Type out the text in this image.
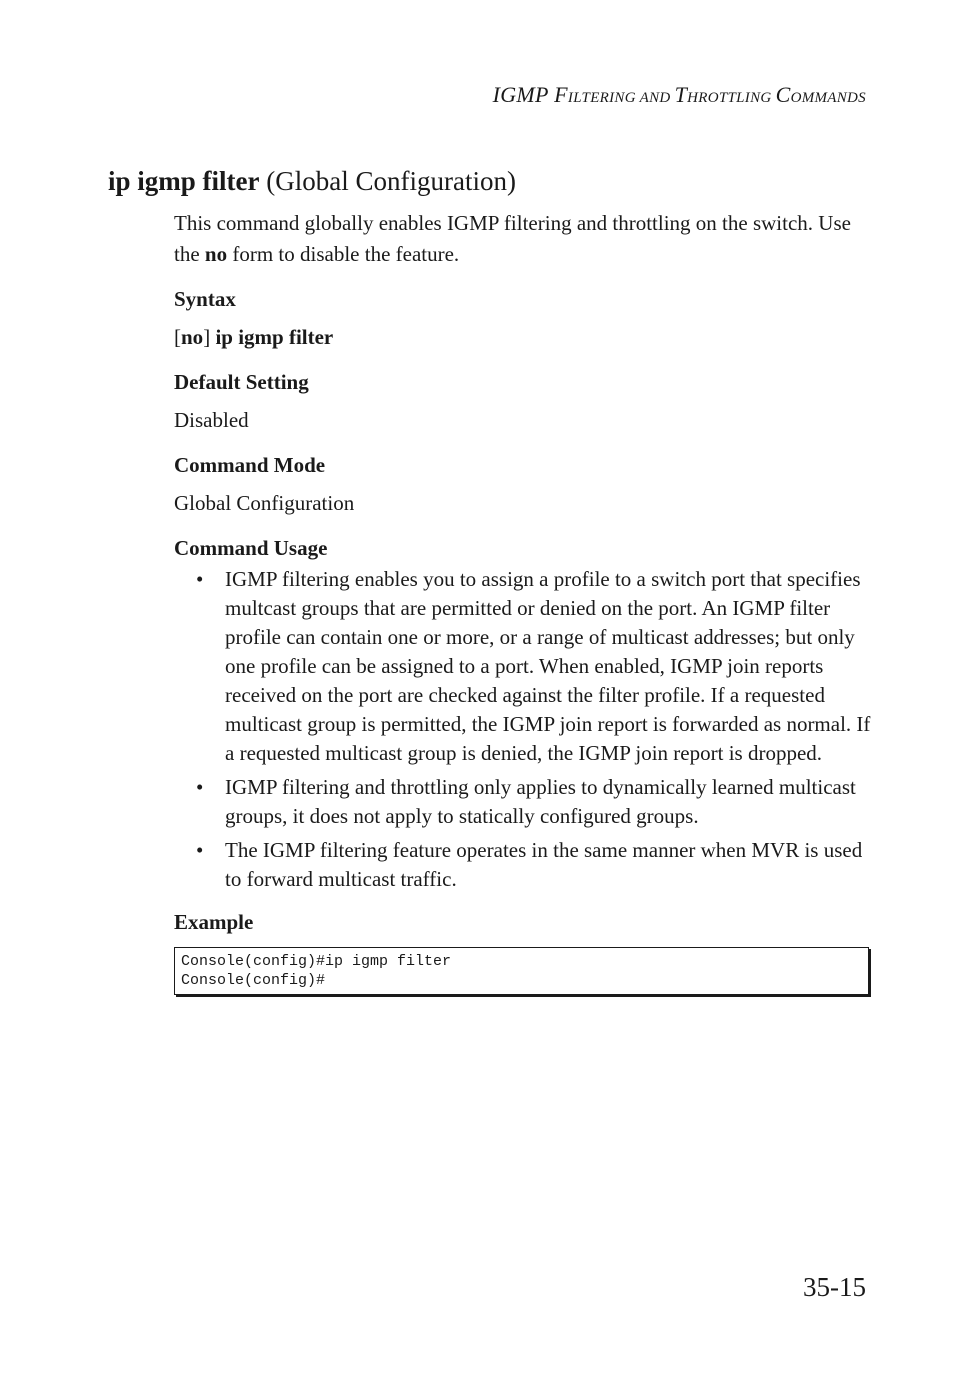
IGMP FILTERING AND THROTTLING COMMANDS
ip igmp filter (Global Configuration)

This command globally enables IGMP filtering and throttling on the switch. Use the no form to disable the feature.

Syntax

[no] ip igmp filter

Default Setting

Disabled

Command Mode

Global Configuration

Command Usage

• IGMP filtering enables you to assign a profile to a switch port that specifies multcast groups that are permitted or denied on the port. An IGMP filter profile can contain one or more, or a range of multicast addresses; but only one profile can be assigned to a port. When enabled, IGMP join reports received on the port are checked against the filter profile. If a requested multicast group is permitted, the IGMP join report is forwarded as normal. If a requested multicast group is denied, the IGMP join report is dropped.
• IGMP filtering and throttling only applies to dynamically learned multicast groups, it does not apply to statically configured groups.
• The IGMP filtering feature operates in the same manner when MVR is used to forward multicast traffic.

Example

Console(config)#ip igmp filter
Console(config)#
35-15
